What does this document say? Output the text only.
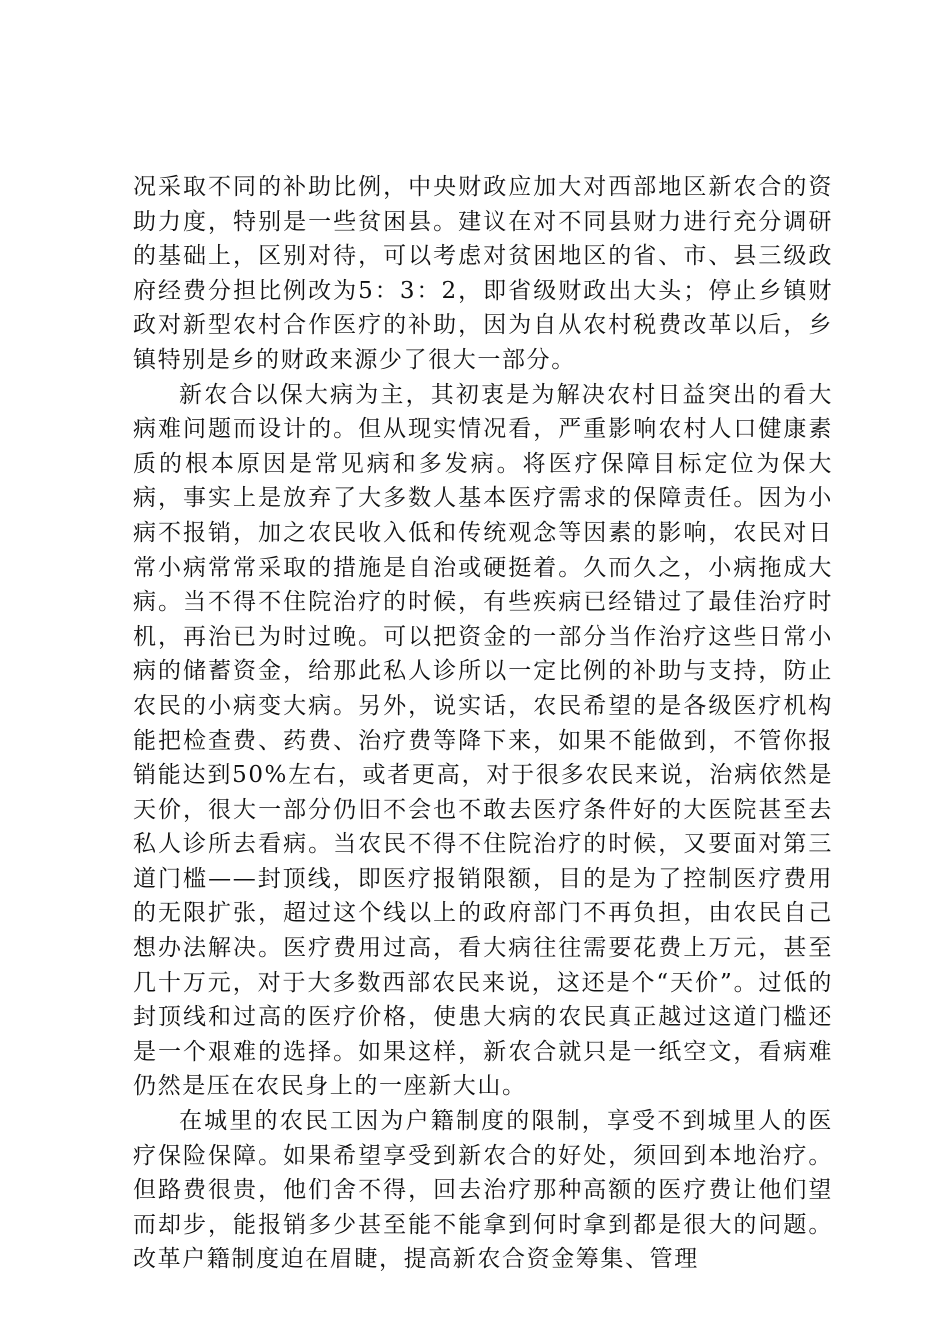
况采取不同的补助比例，中央财政应加大对西部地区新农合的资助力度，特别是一些贫困县。建议在对不同县财力进行充分调研的基础上，区别对待，可以考虑对贫困地区的省、市、县三级政府经费分担比例改为5：3：2，即省级财政出大头；停止乡镇财政对新型农村合作医疗的补助，因为自从农村税费改革以后，乡镇特别是乡的财政来源少了很大一部分。

新农合以保大病为主，其初衷是为解决农村日益突出的看大病难问题而设计的。但从现实情况看，严重影响农村人口健康素质的根本原因是常见病和多发病。将医疗保障目标定位为保大病，事实上是放弃了大多数人基本医疗需求的保障责任。因为小病不报销，加之农民收入低和传统观念等因素的影响，农民对日常小病常常采取的措施是自治或硬挺着。久而久之，小病拖成大病。当不得不住院治疗的时候，有些疾病已经错过了最佳治疗时机，再治已为时过晚。可以把资金的一部分当作治疗这些日常小病的储蓄资金，给那此私人诊所以一定比例的补助与支持，防止农民的小病变大病。另外，说实话，农民希望的是各级医疗机构能把检查费、药费、治疗费等降下来，如果不能做到，不管你报销能达到50%左右，或者更高，对于很多农民来说，治病依然是天价，很大一部分仍旧不会也不敢去医疗条件好的大医院甚至去私人诊所去看病。当农民不得不住院治疗的时候，又要面对第三道门槛——封顶线，即医疗报销限额，目的是为了控制医疗费用的无限扩张，超过这个线以上的政府部门不再负担，由农民自己想办法解决。医疗费用过高，看大病往往需要花费上万元，甚至几十万元，对于大多数西部农民来说，这还是个“天价”。过低的封顶线和过高的医疗价格，使患大病的农民真正越过这道门槛还是一个艰难的选择。如果这样，新农合就只是一纸空文，看病难仍然是压在农民身上的一座新大山。

在城里的农民工因为户籍制度的限制，享受不到城里人的医疗保险保障。如果希望享受到新农合的好处，须回到本地治疗。但路费很贵，他们舍不得，回去治疗那种高额的医疗费让他们望而却步，能报销多少甚至能不能拿到何时拿到都是很大的问题。改革户籍制度迫在眉睫，提高新农合资金筹集、管理
